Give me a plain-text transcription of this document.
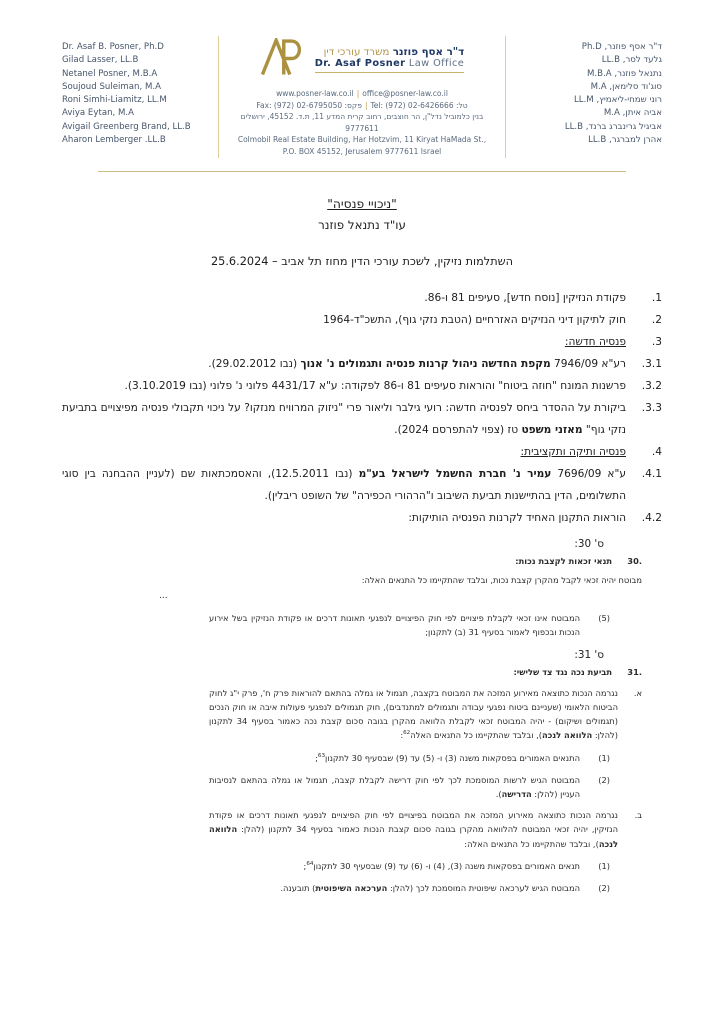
Dr. Asaf B. Posner, Ph.D
Gilad Lasser, LL.B
Netanel Posner, M.B.A
Soujoud Suleiman, M.A
Roni Simhi-Liamitz, LL.M
Aviya Eytan, M.A
Avigail Greenberg Brand, LL.B
Aharon Lemberger .LL.B
ד"ר אסף פוזנר משרד עורכי דין
Dr. Asaf Posner Law Office
www.posner-law.co.il | office@posner-law.co.il
טל: Tel: (972) 02-6426666|פקס: Fax: (972) 02-6795050
בנין כלמוביל נדל"ן, הר חוצבים, רחוב קרית המדע 11, ת.ד. 45152, ירושלים 9777611
Colmobil Real Estate Building, Har Hotzvim, 11 Kiryat HaMada St.,
P.O. BOX 45152, Jerusalem 9777611 Israel
ד"ר אסף פוזנר, Ph.D
גלעד לסר, LL.B
נתנאל פוזנר, M.B.A
סוג'וד סלימאן, M.A
רוני שמחי-ליאמיץ, LL.M
אביה איתן, M.A
אביגיל גרינברג ברנד, LL.B
אהרן למברגר, LL.B
"ניכויי פנסיה"
עו"ד נתנאל פוזנר
השתלמות נזיקין, לשכת עורכי הדין מחוז תל אביב – 25.6.2024
1.
פקודת הנזיקין [נוסח חדש], סעיפים 81 ו-86.
2.
חוק לתיקון דיני הנזיקים האזרחיים (הטבת נזקי גוף), התשכ"ד-1964
3.
פנסיה חדשה:
3.1.
רע"א 7946/09 מקפת החדשה ניהול קרנות פנסיה ותגמולים נ' אנוך (נבו 29.02.2012).
3.2.
פרשנות המונח "חוזה ביטוח" והוראות סעיפים 81 ו-86 לפקודה: ע"א 4431/17 פלוני נ' פלוני (נבו 3.10.2019).
3.3.
ביקורת על ההסדר ביחס לפנסיה חדשה: רועי גילבר וליאור פרי "ניזוק המרוויח מנזקו? על ניכוי תקבולי פנסיה מפיצויים בתביעת נזקי גוף" מאזני משפט טז (צפוי להתפרסם 2024).
4.
פנסיה ותיקה ותקציבית:
4.1.
ע"א 7696/09 עמיר נ' חברת החשמל לישראל בע"מ (נבו 12.5.2011), והאסמכתאות שם (לעניין ההבחנה בין סוגי התשלומים, הדין בהתיישנות תביעת השיבוב ו"הרהורי הכפירה" של השופט ריבלין).
4.2.
הוראות התקנון האחיד לקרנות הפנסיה הותיקות:
ס' 30:
.30
תנאי זכאות לקצבת נכות:
מבוטח יהיה זכאי לקבל מהקרן קצבת נכות, ובלבד שהתקיימו כל התנאים האלה:
...
(5)
המבוטח אינו זכאי לקבלת פיצויים לפי חוק הפיצויים לנפגעי תאונות דרכים או פקודת הנזיקין בשל אירוע הנכות ובכפוף לאמור בסעיף 31 (ב) לתקנון;
ס' 31:
.31
תביעת נכה נגד צד שלישי:
א.
נגרמה הנכות כתוצאה מאירוע המזכה את המבוטח בקצבה, תגמול או גמלה בהתאם להוראות פרק ח', פרק י"ג לחוק הביטוח הלאומי (שעניינם ביטוח נפגעי עבודה ותגמולים למתנדבים), חוק תגמולים לנפגעי פעולות איבה או חוק הנכים (תגמולים ושיקום) - יהיה המבוטח זכאי לקבלת הלוואה מהקרן בגובה סכום קצבת נכה כאמור בסעיף 34 לתקנון (להלן: הלוואה לנכה), ובלבד שהתקיימו כל התנאים האלה$^{62}$:
(1)
התנאים האמורים בפסקאות משנה (3) ו- (5) עד (9) שבסעיף 30 לתקנון$^{63}$;
(2)
המבוטח הגיש לרשות המוסמכת לכך לפי חוק דרישה לקבלת קצבה, תגמול או גמלה בהתאם לנסיבות העניין (להלן: הדרישה).
ב.
נגרמה הנכות כתוצאה מאירוע המזכה את המבוטח בפיצויים לפי חוק הפיצויים לנפגעי תאונות דרכים או פקודת הנזיקין, יהיה זכאי המבוטח להלוואה מהקרן בגובה סכום קצבת הנכות כאמור בסעיף 34 לתקנון (להלן: הלוואה לנכה), ובלבד שהתקיימו כל התנאים האלה:
(1)
תנאים האמורים בפסקאות משנה (3), (4) ו- (6) עד (9) שבסעיף 30 לתקנון$^{64}$;
(2)
המבוטח הגיש לערכאה שיפוטית המוסמכת לכך (להלן: הערכאה השיפוטית) תובענה.
